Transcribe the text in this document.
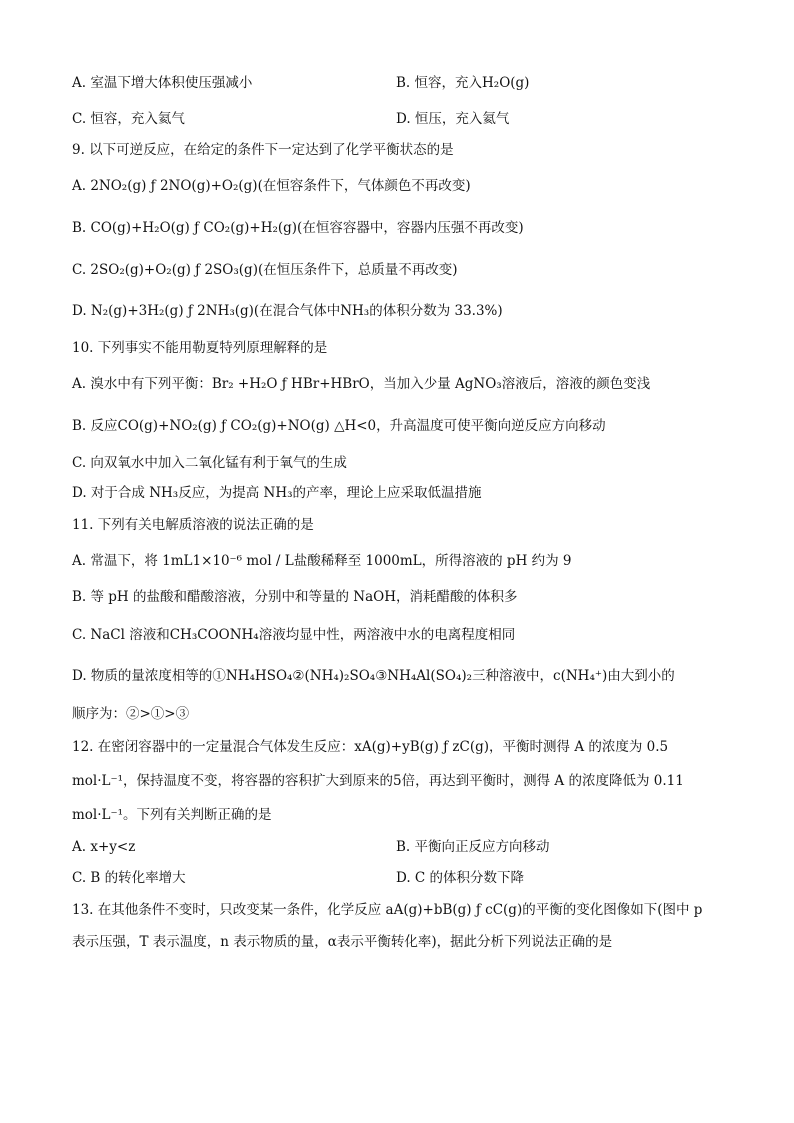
A. 室温下增大体积使压强减小	B. 恒容，充入H₂O(g)
C. 恒容，充入氦气	D. 恒压，充入氦气
9. 以下可逆反应，在给定的条件下一定达到了化学平衡状态的是
A. 2NO₂(g) ƒ 2NO(g)+O₂(g)(在恒容条件下，气体颜色不再改变)
B. CO(g)+H₂O(g) ƒ CO₂(g)+H₂(g)(在恒容容器中，容器内压强不再改变)
C. 2SO₂(g)+O₂(g) ƒ 2SO₃(g)(在恒压条件下，总质量不再改变)
D. N₂(g)+3H₂(g) ƒ 2NH₃(g)(在混合气体中NH₃的体积分数为 33.3%)
10. 下列事实不能用勒夏特列原理解释的是
A. 溴水中有下列平衡：Br₂ +H₂O ƒ HBr+HBrO，当加入少量 AgNO₃溶液后，溶液的颜色变浅
B. 反应CO(g)+NO₂(g) ƒ CO₂(g)+NO(g) △H<0，升高温度可使平衡向逆反应方向移动
C. 向双氧水中加入二氧化锰有利于氧气的生成
D. 对于合成 NH₃反应，为提高 NH₃的产率，理论上应采取低温措施
11. 下列有关电解质溶液的说法正确的是
A. 常温下，将 1mL1×10⁻⁶ mol / L盐酸稀释至 1000mL，所得溶液的 pH 约为 9
B. 等 pH 的盐酸和醋酸溶液，分别中和等量的 NaOH，消耗醋酸的体积多
C. NaCl 溶液和CH₃COONH₄溶液均显中性，两溶液中水的电离程度相同
D. 物质的量浓度相等的①NH₄HSO₄②(NH₄)₂SO₄③NH₄Al(SO₄)₂三种溶液中，c(NH₄⁺)由大到小的
顺序为：②>①>③
12. 在密闭容器中的一定量混合气体发生反应：xA(g)+yB(g) ƒ zC(g)，平衡时测得 A 的浓度为 0.5
mol·L⁻¹，保持温度不变，将容器的容积扩大到原来的5倍，再达到平衡时，测得 A 的浓度降低为 0.11
mol·L⁻¹。下列有关判断正确的是
A. x+y<z	B. 平衡向正反应方向移动
C. B 的转化率增大	D. C 的体积分数下降
13. 在其他条件不变时，只改变某一条件，化学反应 aA(g)+bB(g) ƒ cC(g)的平衡的变化图像如下(图中 p
表示压强，T 表示温度，n 表示物质的量，α表示平衡转化率)，据此分析下列说法正确的是
